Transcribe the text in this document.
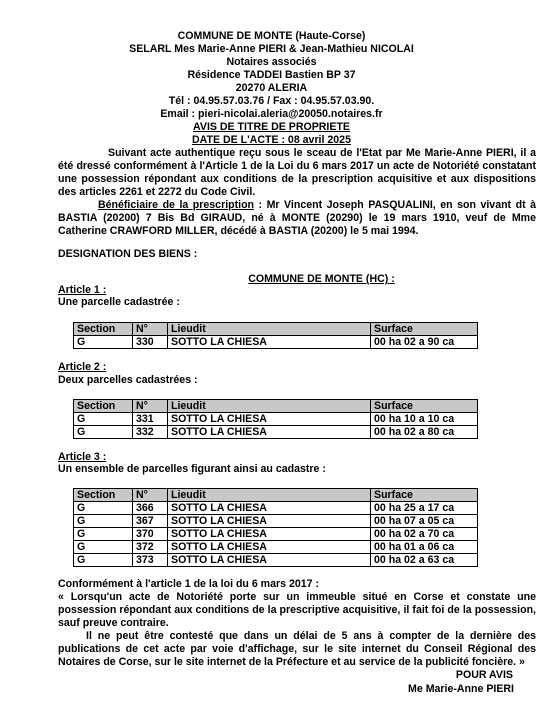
COMMUNE DE MONTE (Haute-Corse)
SELARL Mes Marie-Anne PIERI & Jean-Mathieu NICOLAI
Notaires associés
Résidence TADDEI Bastien BP 37
20270 ALERIA
Tél : 04.95.57.03.76 / Fax : 04.95.57.03.90.
Email : pieri-nicolai.aleria@20050.notaires.fr
AVIS DE TITRE DE PROPRIETE
DATE DE L'ACTE : 08 avril 2025
Suivant acte authentique reçu sous le sceau de l'Etat par Me Marie-Anne PIERI, il a été dressé conformément à l'Article 1 de la Loi du 6 mars 2017 un acte de Notoriété constatant une possession répondant aux conditions de la prescription acquisitive et aux dispositions des articles 2261 et 2272 du Code Civil.
Bénéficiaire de la prescription : Mr Vincent Joseph PASQUALINI, en son vivant dt à BASTIA (20200) 7 Bis Bd GIRAUD, né à MONTE (20290) le 19 mars 1910, veuf de Mme Catherine CRAWFORD MILLER, décédé à BASTIA (20200) le 5 mai 1994.
DESIGNATION DES BIENS :
COMMUNE DE MONTE (HC) :
Article 1 :
Une parcelle cadastrée :
Section	N°	Lieudit	Surface
G	330	SOTTO LA CHIESA	00 ha 02 a 90 ca
Article 2 :
Deux parcelles cadastrées :
Section	N°	Lieudit	Surface
G	331	SOTTO LA CHIESA	00 ha 10 a 10 ca
G	332	SOTTO LA CHIESA	00 ha 02 a 80 ca
Article 3 :
Un ensemble de parcelles figurant ainsi au cadastre :
Section	N°	Lieudit	Surface
G	366	SOTTO LA CHIESA	00 ha 25 a 17 ca
G	367	SOTTO LA CHIESA	00 ha 07 a 05 ca
G	370	SOTTO LA CHIESA	00 ha 02 a 70 ca
G	372	SOTTO LA CHIESA	00 ha 01 a 06 ca
G	373	SOTTO LA CHIESA	00 ha 02 a 63 ca
Conformément à l'article 1 de la loi du 6 mars 2017 :
« Lorsqu'un acte de Notoriété porte sur un immeuble situé en Corse et constate une possession répondant aux conditions de la prescriptive acquisitive, il fait foi de la possession, sauf preuve contraire.
Il ne peut être contesté que dans un délai de 5 ans à compter de la dernière des publications de cet acte par voie d'affichage, sur le site internet du Conseil Régional des Notaires de Corse, sur le site internet de la Préfecture et au service de la publicité foncière. »
POUR AVIS
Me Marie-Anne PIERI
